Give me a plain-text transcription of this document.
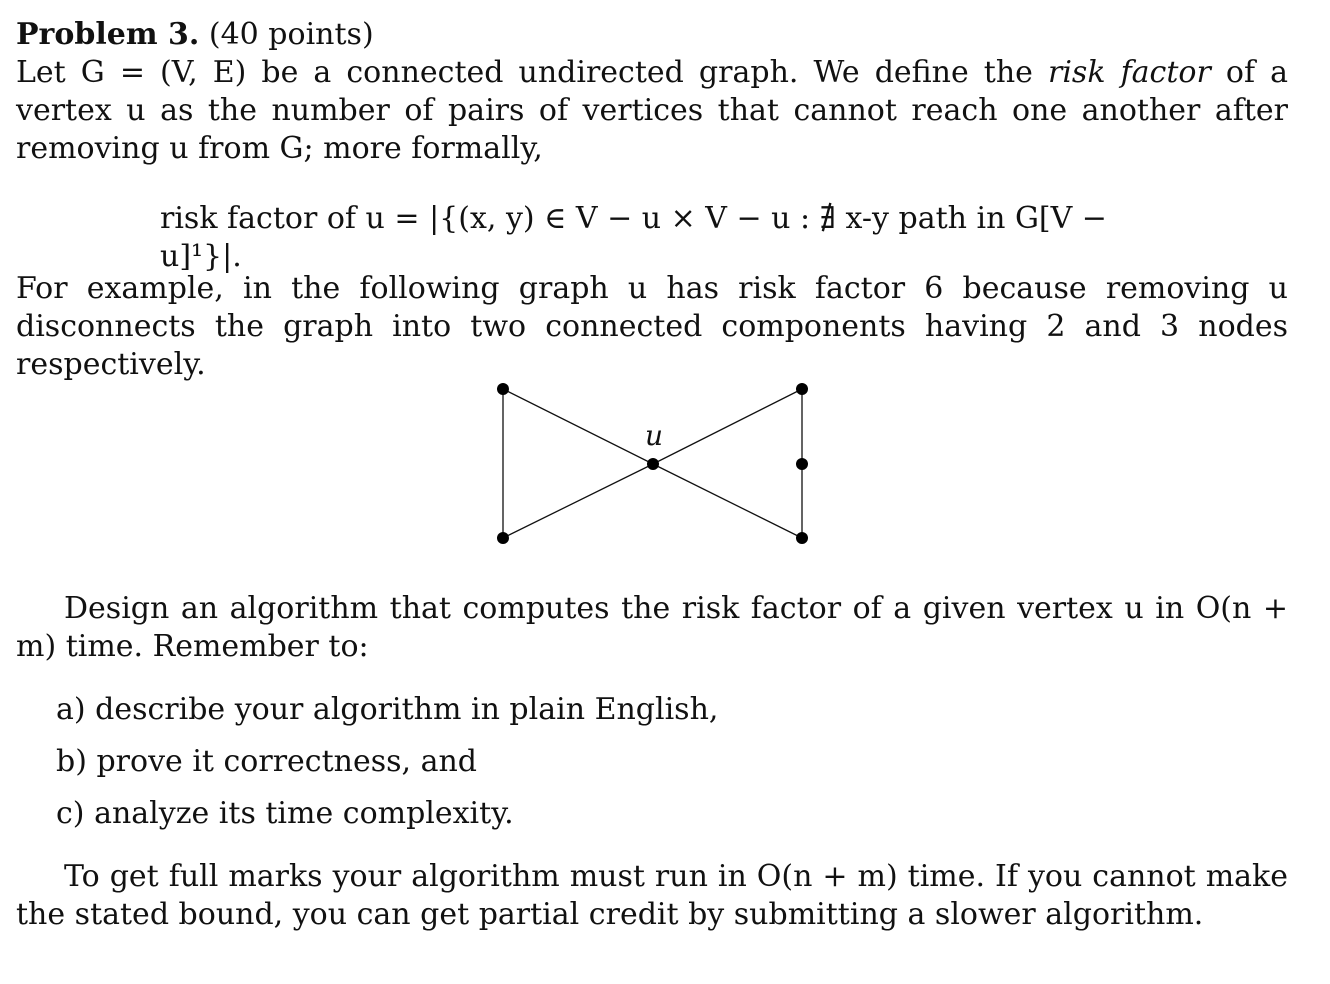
Problem 3. (40 points)
Let G = (V, E) be a connected undirected graph. We define the risk factor of a vertex u as the number of pairs of vertices that cannot reach one another after removing u from G; more formally,
risk factor of u = |{(x, y) ∈ V − u × V − u : ∄ x-y path in G[V − u]¹}|.
For example, in the following graph u has risk factor 6 because removing u disconnects the graph into two connected components having 2 and 3 nodes respectively.
u
Design an algorithm that computes the risk factor of a given vertex u in O(n + m) time. Remember to:
a) describe your algorithm in plain English,
b) prove it correctness, and
c) analyze its time complexity.
To get full marks your algorithm must run in O(n + m) time. If you cannot make the stated bound, you can get partial credit by submitting a slower algorithm.
